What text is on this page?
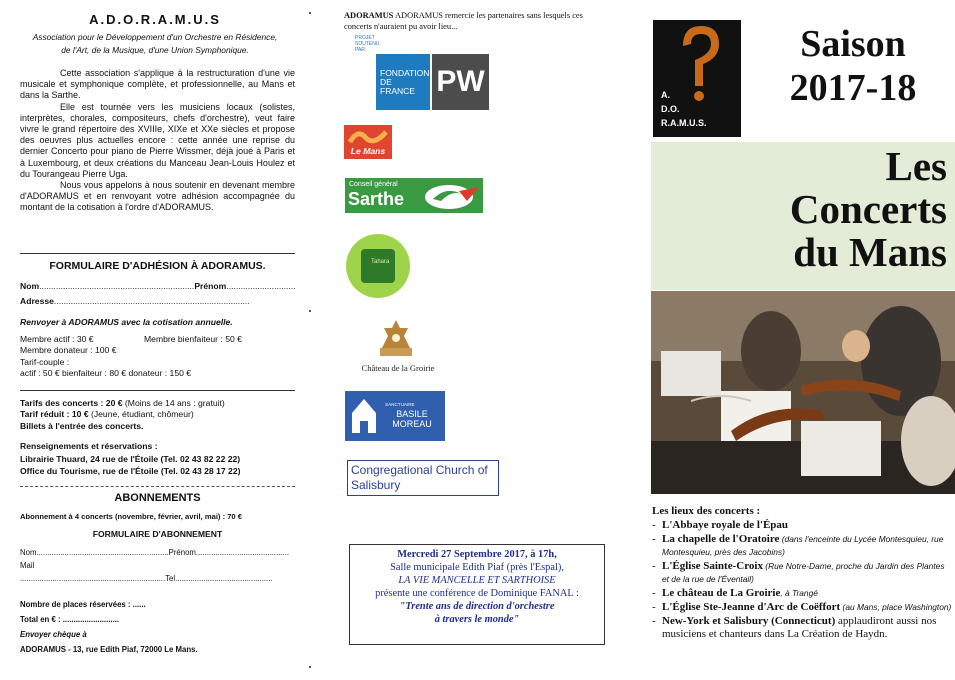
A.D.O.R.A.M.U.S
Association pour le Développement d'un Orchestre en Résidence,
de l'Art, de la Musique, d'une Union Symphonique.
Cette association s'applique à la restructuration d'une vie musicale et symphonique complète, et professionnelle, au Mans et dans la Sarthe.
Elle est tournée vers les musiciens locaux (solistes, interprètes, chorales, compositeurs, chefs d'orchestre), veut faire vivre le grand répertoire des XVIIIe, XIXe et XXe siècles et propose des oeuvres plus actuelles encore : cette année une reprise du dernier Concerto pour piano de Pierre Wissmer, déjà joué à Paris et à Luxembourg, et deux créations du Manceau Jean-Louis Houlez et du Tourangeau Pierre Uga.
Nous vous appelons à nous soutenir en devenant membre d'ADORAMUS et en renvoyant votre adhésion accompagnée du montant de la cotisation à l'ordre d'ADORAMUS.
FORMULAIRE D'ADHÉSION À ADORAMUS.
Nom.................................................................Prénom.............................
Adresse..................................................................................
Renvoyer à ADORAMUS avec la cotisation annuelle.
Membre actif : 30 €	Membre bienfaiteur : 50 €
Membre donateur : 100 €
Tarif-couple :
actif : 50 € bienfaiteur : 80 € donateur : 150 €
Tarifs des concerts : 20 € (Moins de 14 ans : gratuit)
Tarif réduit : 10 € (Jeune, étudiant, chômeur)
Billets à l'entrée des concerts.
Renseignements et réservations :
Librairie Thuard, 24 rue de l'Étoile (Tel. 02 43 82 22 22)
Office du Tourisme, rue de l'Étoile (Tel. 02 43 28 17 22)
ABONNEMENTS
Abonnement à 4 concerts (novembre, février, avril, mai) : 70 €
FORMULAIRE D'ABONNEMENT
Nom.............................................................Prénom...........................................
Mail
...................................................................Tel.............................................
Nombre de places réservées : ......
Total en € : ..........................
Envoyer chèque à
ADORAMUS - 13, rue Edith Piaf, 72000 Le Mans.
ADORAMUS ADORAMUS remercie les partenaires sans lesquels ces concerts n'auraient pu avoir lieu...
PROJET SOUTENU PAR
FONDATION DE FRANCE PW
Le Mans
Conseil général
Sarthe
Tahara
Château de la Groirie
SANCTUAIRE
BASILE MOREAU
Congregational Church of Salisbury
Mercredi 27 Septembre 2017, à 17h,
Salle municipale Edith Piaf (près l'Espal),
LA VIE MANCELLE ET SARTHOISE
présente une conférence de Dominique FANAL :
"Trente ans de direction d'orchestre
à travers le monde"
A.
D.O.
R.A.M.U.S.
Saison
2017-18
Les
Concerts
du Mans
Les lieux des concerts :
- L'Abbaye royale de l'Épau
- La chapelle de l'Oratoire (dans l'enceinte du Lycée Montesquieu, rue Montesquieu, près des Jacobins)
- L'Église Sainte-Croix (Rue Notre-Dame, proche du Jardin des Plantes et de la rue de l'Éventail)
- Le château de La Groirie, à Trangé
- L'Église Ste-Jeanne d'Arc de Coëffort (au Mans, place Washington)
- New-York et Salisbury (Connecticut) applaudiront aussi nos musiciens et chanteurs dans La Création de Haydn.
